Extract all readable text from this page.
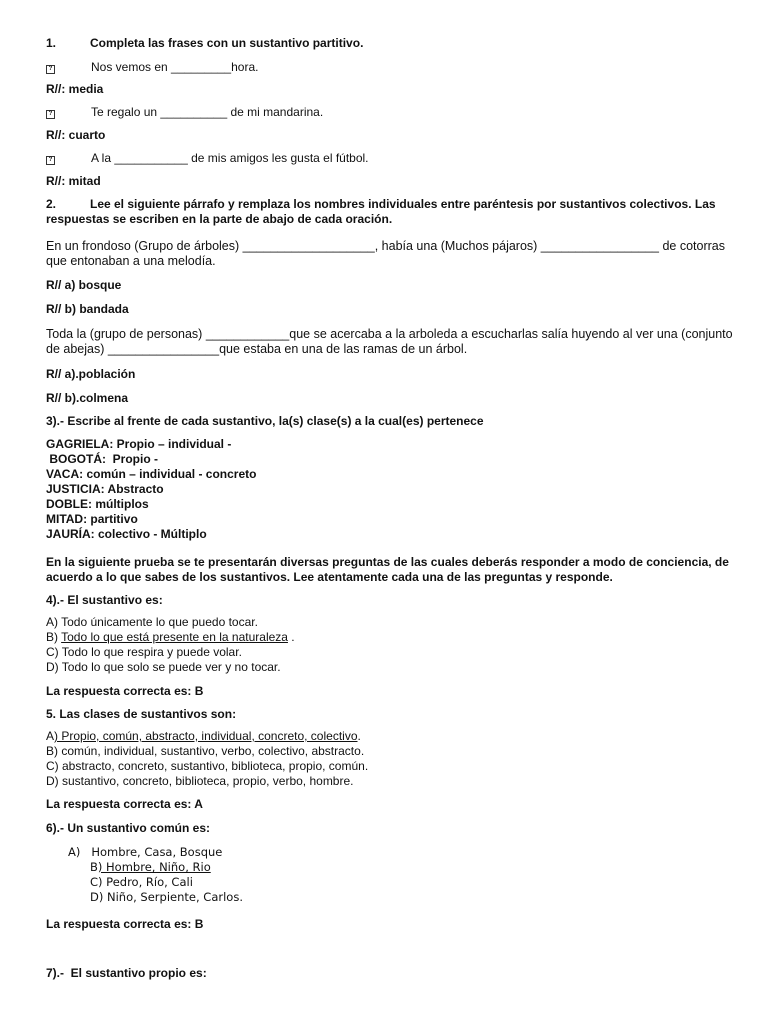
1.	Completa las frases con un sustantivo partitivo.

?	Nos vemos en _________hora.

R//: media

?	Te regalo un __________ de mi mandarina.

R//: cuarto

?	A la ___________ de mis amigos les gusta el fútbol.

R//: mitad

2.	Lee el siguiente párrafo y remplaza los nombres individuales entre paréntesis por sustantivos colectivos. Las respuestas se escriben en la parte de abajo de cada oración.

En un frondoso (Grupo de árboles) ___________________, había una (Muchos pájaros) _________________ de cotorras que entonaban a una melodía.

R// a) bosque

R// b) bandada

Toda la (grupo de personas) ____________que se acercaba a la arboleda a escucharlas salía huyendo al ver una (conjunto de abejas) ________________que estaba en una de las ramas de un árbol.

R// a).población

R// b).colmena

3).- Escribe al frente de cada sustantivo, la(s) clase(s) a la cual(es) pertenece

GAGRIELA: Propio – individual -
BOGOTÁ:  Propio -
VACA: común – individual - concreto
JUSTICIA: Abstracto
DOBLE: múltiplos
MITAD: partitivo
JAURÍA: colectivo - Múltiplo

En la siguiente prueba se te presentarán diversas preguntas de las cuales deberás responder a modo de conciencia, de acuerdo a lo que sabes de los sustantivos. Lee atentamente cada una de las preguntas y responde.

4).- El sustantivo es:

A) Todo únicamente lo que puedo tocar.
B) Todo lo que está presente en la naturaleza .
C) Todo lo que respira y puede volar.
D) Todo lo que solo se puede ver y no tocar.

La respuesta correcta es: B

5. Las clases de sustantivos son:

A) Propio, común, abstracto, individual, concreto, colectivo.
B) común, individual, sustantivo, verbo, colectivo, abstracto.
C) abstracto, concreto, sustantivo, biblioteca, propio, común.
D) sustantivo, concreto, biblioteca, propio, verbo, hombre.

La respuesta correcta es: A

6).- Un sustantivo común es:

A)   Hombre, Casa, Bosque
B) Hombre, Niño, Rio
C) Pedro, Río, Cali
D) Niño, Serpiente, Carlos.

La respuesta correcta es: B

7).-  El sustantivo propio es:
